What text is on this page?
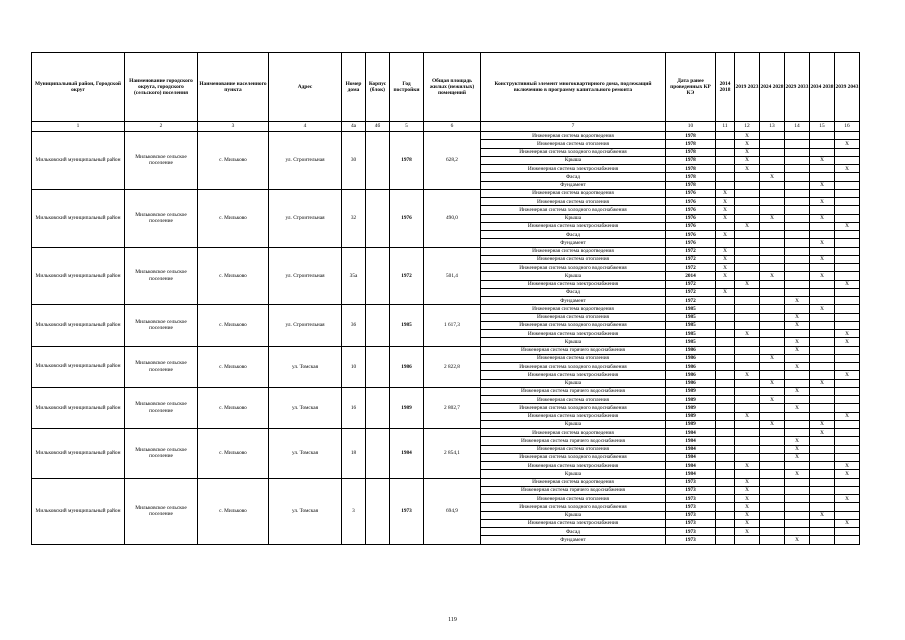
Муниципальный район, Городской округ	Наименование городского округа, городского (сельского) поселения	Наименование населенного пункта	Адрес	Номер дома	Корпус (блок)	Год постройки	Общая площадь жилых (нежилых) помещений	Конструктивный элемент многоквартирного дома, подлежащий включению в программу капитального ремонта	Дата ранее проведенных КР КЭ	2014 2018	2019 2023	2024 2028	2029 2033	2034 2038	2039 2043
1	2	3	4	4а	4б	5	6	7	10	11	12	13	14	15	16
Мильковский муниципальный район	Мильковское сельское поселение	с. Мильково	ул. Строительная	30		1978	628,2	Инженерная система водоотведения	1978		X				
								Инженерная система отопления	1978		X				X
								Инженерная система холодного водоснабжения	1978		X				
								Крыша	1978		X			X	
								Инженерная система электроснабжения	1978		X				X
								Фасад	1978			X			
								Фундамент	1978					X	
Мильковский муниципальный район	Мильковское сельское поселение	с. Мильково	ул. Строительная	32		1976	490,0	Инженерная система водоотведения	1976	X					
								Инженерная система отопления	1976	X				X	
								Инженерная система холодного водоснабжения	1976	X					
								Крыша	1976	X		X		X	
								Инженерная система электроснабжения	1976		X				X
								Фасад	1976	X					
								Фундамент	1976					X	
Мильковский муниципальный район	Мильковское сельское поселение	с. Мильково	ул. Строительная	35а		1972	501,4	Инженерная система водоотведения	1972	X					
								Инженерная система отопления	1972	X				X	
								Инженерная система холодного водоснабжения	1972	X					
								Крыша	2014	X		X		X	
								Инженерная система электроснабжения	1972		X				X
								Фасад	1972	X					
								Фундамент	1972				X		
Мильковский муниципальный район	Мильковское сельское поселение	с. Мильково	ул. Строительная	36		1985	1 617,3	Инженерная система водоотведения	1985					X	
								Инженерная система отопления	1985				X		
								Инженерная система холодного водоснабжения	1985				X		
								Инженерная система электроснабжения	1985		X				X
								Крыша	1985				X		X
Мильковский муниципальный район	Мильковское сельское поселение	с. Мильково	ул. Томская	10		1986	2 822,8	Инженерная система горячего водоснабжения	1986				X		
								Инженерная система отопления	1986			X			
								Инженерная система холодного водоснабжения	1986				X		
								Инженерная система электроснабжения	1986		X				X
								Крыша	1986			X		X	
Мильковский муниципальный район	Мильковское сельское поселение	с. Мильково	ул. Томская	16		1989	2 802,7	Инженерная система горячего водоснабжения	1989				X		
								Инженерная система отопления	1989			X			
								Инженерная система холодного водоснабжения	1989				X		
								Инженерная система электроснабжения	1989		X				X
								Крыша	1989			X		X	
Мильковский муниципальный район	Мильковское сельское поселение	с. Мильково	ул. Томская	18		1984	2 854,1	Инженерная система водоотведения	1984					X	
								Инженерная система горячего водоснабжения	1984				X		
								Инженерная система отопления	1984				X		
								Инженерная система холодного водоснабжения	1984				X		
								Инженерная система электроснабжения	1984		X				X
								Крыша	1984				X		X
Мильковский муниципальный район	Мильковское сельское поселение	с. Мильково	ул. Томская	3		1973	694,9	Инженерная система водоотведения	1973		X				
								Инженерная система горячего водоснабжения	1973		X				
								Инженерная система отопления	1973		X				X
								Инженерная система холодного водоснабжения	1973		X				
								Крыша	1973		X			X	
								Инженерная система электроснабжения	1973		X				X
								Фасад	1973		X				
								Фундамент	1973				X		
119
